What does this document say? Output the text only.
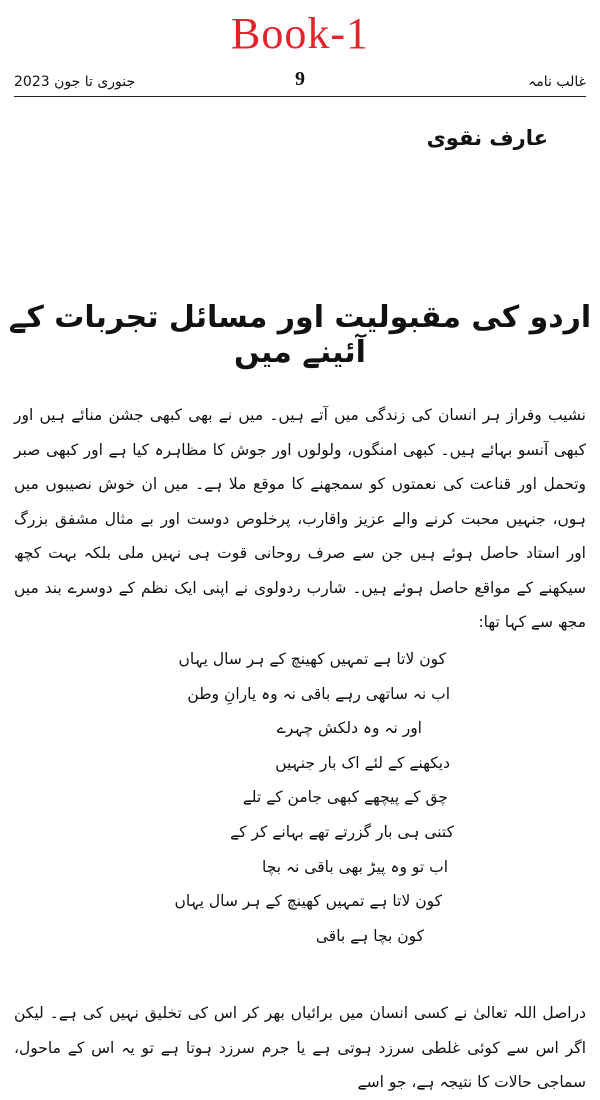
Book-1
جنوری تا جون 2023	9	غالب نامہ
عارف نقوی
اردو کی مقبولیت اور مسائل تجربات کے آئینے میں

نشیب وفراز ہر انسان کی زندگی میں آتے ہیں۔ میں نے بھی کبھی جشن منائے ہیں اور کبھی آنسو بہائے ہیں۔ کبھی امنگوں، ولولوں اور جوش کا مظاہرہ کیا ہے اور کبھی صبر وتحمل اور قناعت کی نعمتوں کو سمجھنے کا موقع ملا ہے۔ میں ان خوش نصیبوں میں ہوں، جنہیں محبت کرنے والے عزیز واقارب، پرخلوص دوست اور بے مثال مشفق بزرگ اور استاد حاصل ہوئے ہیں جن سے صرف روحانی قوت ہی نہیں ملی بلکہ بہت کچھ سیکھنے کے مواقع حاصل ہوئے ہیں۔ شارب ردولوی نے اپنی ایک نظم کے دوسرے بند میں مجھ سے کہا تھا:

کون لاتا ہے تمہیں کھینچ کے ہر سال یہاں
اب نہ ساتھی رہے باقی نہ وہ یارانِ وطن
اور نہ وہ دلکش چہرے
دیکھنے کے لئے اک بار جنہیں
چق کے پیچھے کبھی جامن کے تلے
کتنی ہی بار گزرتے تھے بہانے کر کے
اب تو وہ پیڑ بھی باقی نہ بچا
کون لاتا ہے تمہیں کھینچ کے ہر سال یہاں
کون بچا ہے باقی

دراصل اللہ تعالیٰ نے کسی انسان میں برائیاں بھر کر اس کی تخلیق نہیں کی ہے۔ لیکن اگر اس سے کوئی غلطی سرزد ہوتی ہے یا جرم سرزد ہوتا ہے تو یہ اس کے ماحول، سماجی حالات کا نتیجہ ہے، جو اسے
